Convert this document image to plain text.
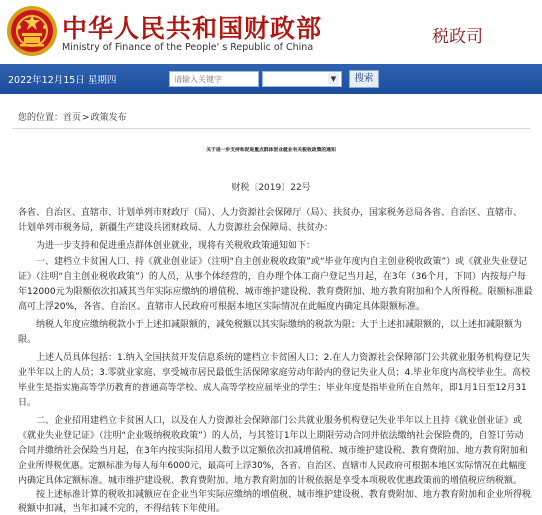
中华人民共和国财政部
Ministry of Finance of the People' s Republic of China
税政司
2022年12月15日 星期四
请输入关键字	▼	搜索
您的位置：首页>政策发布
关于进一步支持和促进重点群体创业就业有关税收政策的通知
财税〔2019〕22号
各省、自治区、直辖市、计划单列市财政厅（局）、人力资源社会保障厅（局）、扶贫办，国家税务总局各省、自治区、直辖市、
计划单列市税务局，新疆生产建设兵团财政局、人力资源社会保障局、扶贫办：
　　为进一步支持和促进重点群体创业就业，现将有关税收政策通知如下：
　　一、建档立卡贫困人口、持《就业创业证》（注明“自主创业税收政策”或“毕业年度内自主创业税收政策”）或《就业失业登记
证》（注明“自主创业税收政策”）的人员，从事个体经营的，自办理个体工商户登记当月起，在3年（36个月，下同）内按每户每
年12000元为限额依次扣减其当年实际应缴纳的增值税、城市维护建设税、教育费附加、地方教育附加和个人所得税。限额标准最
高可上浮20%，各省、自治区、直辖市人民政府可根据本地区实际情况在此幅度内确定具体限额标准。
　　纳税人年度应缴纳税款小于上述扣减限额的，减免税额以其实际缴纳的税款为限；大于上述扣减限额的，以上述扣减限额为
限。
　　上述人员具体包括：1.纳入全国扶贫开发信息系统的建档立卡贫困人口；2.在人力资源社会保障部门公共就业服务机构登记失
业半年以上的人员；3.零就业家庭、享受城市居民最低生活保障家庭劳动年龄内的登记失业人员；4.毕业年度内高校毕业生。高校
毕业生是指实施高等学历教育的普通高等学校、成人高等学校应届毕业的学生；毕业年度是指毕业所在自然年，即1月1日至12月31
日。
　　二、企业招用建档立卡贫困人口，以及在人力资源社会保障部门公共就业服务机构登记失业半年以上且持《就业创业证》或
《就业失业登记证》（注明“企业吸纳税收政策”）的人员，与其签订1年以上期限劳动合同并依法缴纳社会保险费的，自签订劳动
合同并缴纳社会保险当月起，在3年内按实际招用人数予以定额依次扣减增值税、城市维护建设税、教育费附加、地方教育附加和
企业所得税优惠。定额标准为每人每年6000元，最高可上浮30%，各省、自治区、直辖市人民政府可根据本地区实际情况在此幅度
内确定具体定额标准。城市维护建设税、教育费附加、地方教育附加的计税依据是享受本项税收优惠政策前的增值税应纳税额。
　　按上述标准计算的税收扣减额应在企业当年实际应缴纳的增值税、城市维护建设税、教育费附加、地方教育附加和企业所得税
税额中扣减，当年扣减不完的，不得结转下年使用。
